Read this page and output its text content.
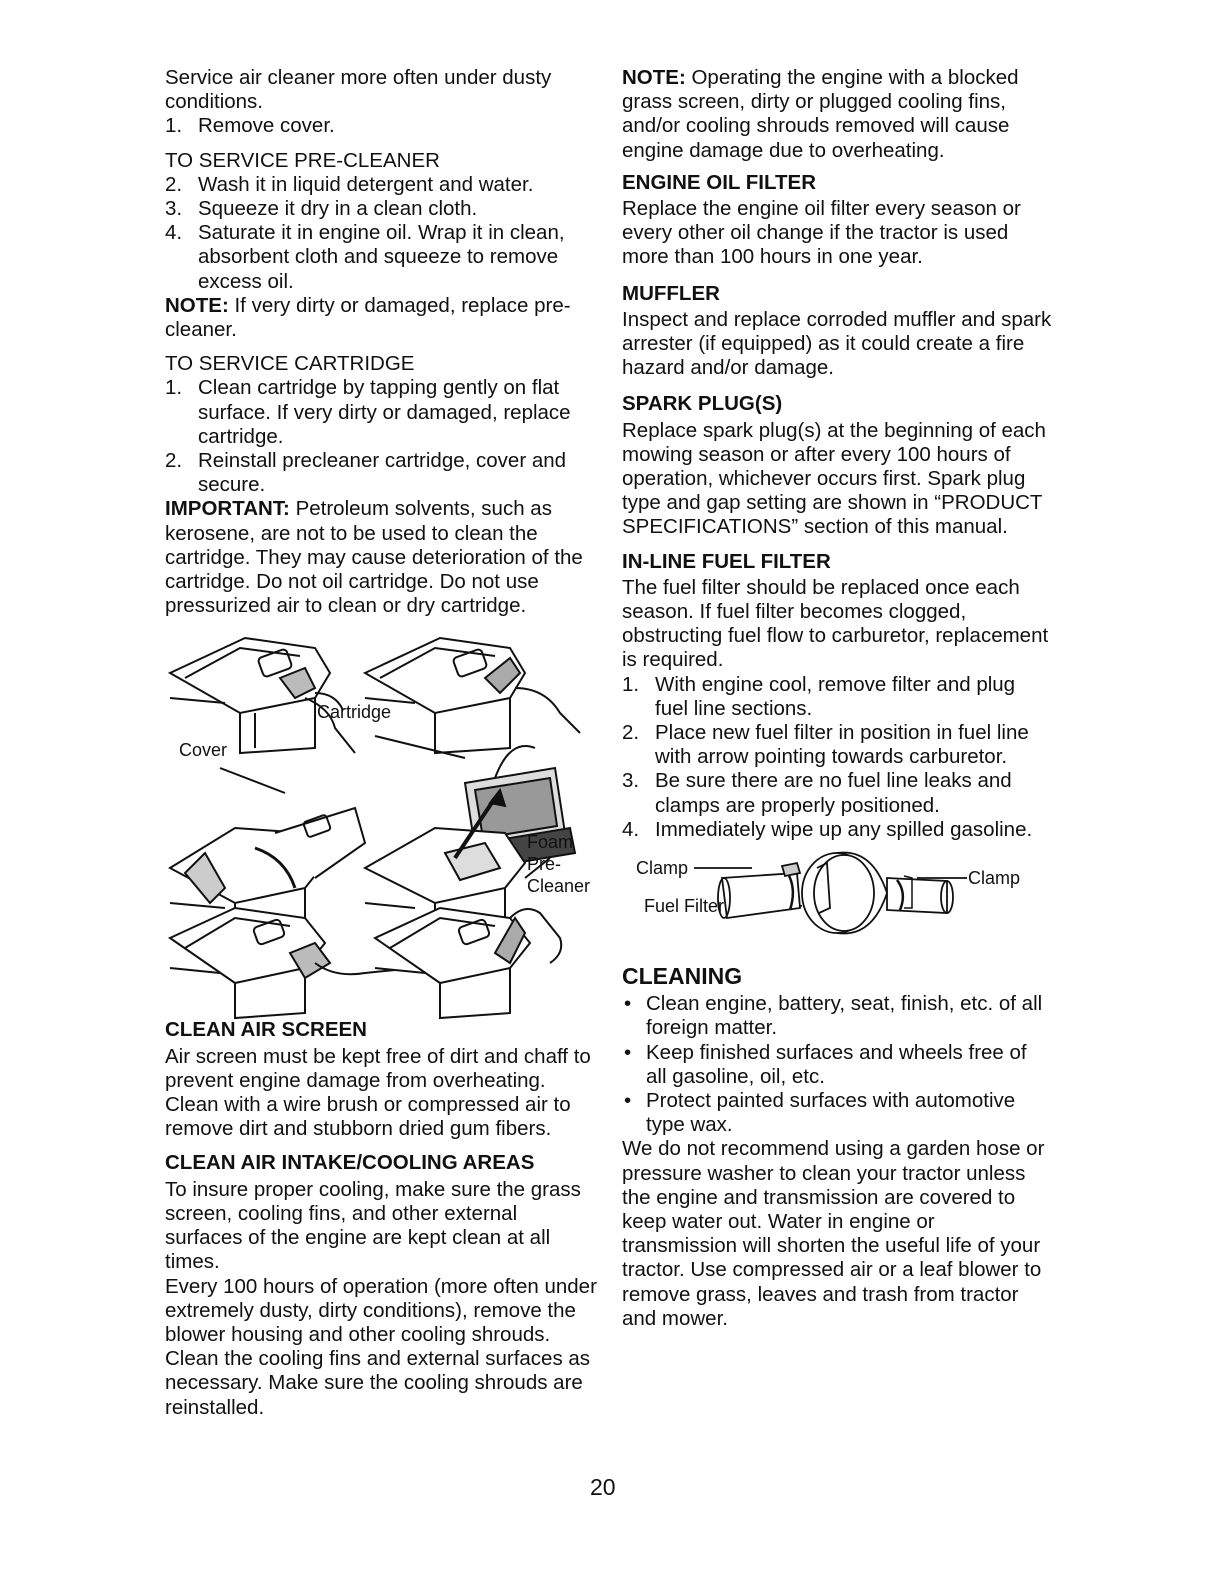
Service air cleaner more often under dusty conditions.

1. Remove cover.

TO SERVICE PRE-CLEANER

2. Wash it in liquid detergent and water.
3. Squeeze it dry in a clean cloth.
4. Saturate it in engine oil. Wrap it in clean, absorbent cloth and squeeze to remove excess oil.

NOTE: If very dirty or damaged, replace pre-cleaner.

TO SERVICE CARTRIDGE

1. Clean cartridge by tapping gently on flat surface. If very dirty or damaged, replace cartridge.
2. Reinstall precleaner cartridge, cover and secure.

IMPORTANT: Petroleum solvents, such as kerosene, are not to be used to clean the cartridge. They may cause deterioration of the cartridge. Do not oil cartridge. Do not use pressurized air to clean or dry cartridge.

Cartridge
Cover
Foam
Pre-
Cleaner

CLEAN AIR SCREEN

Air screen must be kept free of dirt and chaff to prevent engine damage from overheating. Clean with a wire brush or compressed air to remove dirt and stubborn dried gum fibers.

CLEAN AIR INTAKE/COOLING AREAS

To insure proper cooling, make sure the grass screen, cooling fins, and other external surfaces of the engine are kept clean at all times.

Every 100 hours of operation (more often under extremely dusty, dirty conditions), remove the blower housing and other cooling shrouds. Clean the cooling fins and external surfaces as necessary. Make sure the cooling shrouds are reinstalled.

NOTE: Operating the engine with a blocked grass screen, dirty or plugged cooling fins, and/or cooling shrouds removed will cause engine damage due to overheating.

ENGINE OIL FILTER

Replace the engine oil filter every season or every other oil change if the tractor is used more than 100 hours in one year.

MUFFLER

Inspect and replace corroded muffler and spark arrester (if equipped) as it could create a fire hazard and/or damage.

SPARK PLUG(S)

Replace spark plug(s) at the beginning of each mowing season or after every 100 hours of operation, whichever occurs first. Spark plug type and gap setting are shown in “PRODUCT SPECIFICATIONS” section of this manual.

IN-LINE FUEL FILTER

The fuel filter should be replaced once each season. If fuel filter becomes clogged, obstructing fuel flow to carburetor, replacement is required.

1. With engine cool, remove filter and plug fuel line sections.
2. Place new fuel filter in position in fuel line with arrow pointing towards carburetor.
3. Be sure there are no fuel line leaks and clamps are properly positioned.
4. Immediately wipe up any spilled gasoline.
Clamp	Clamp
Fuel Filter

CLEANING

• Clean engine, battery, seat, finish, etc. of all foreign matter.
• Keep finished surfaces and wheels free of all gasoline, oil, etc.
• Protect painted surfaces with automotive type wax.

We do not recommend using a garden hose or pressure washer to clean your tractor unless the engine and transmission are covered to keep water out. Water in engine or transmission will shorten the useful life of your tractor. Use compressed air or a leaf blower to remove grass, leaves and trash from tractor and mower.

20
